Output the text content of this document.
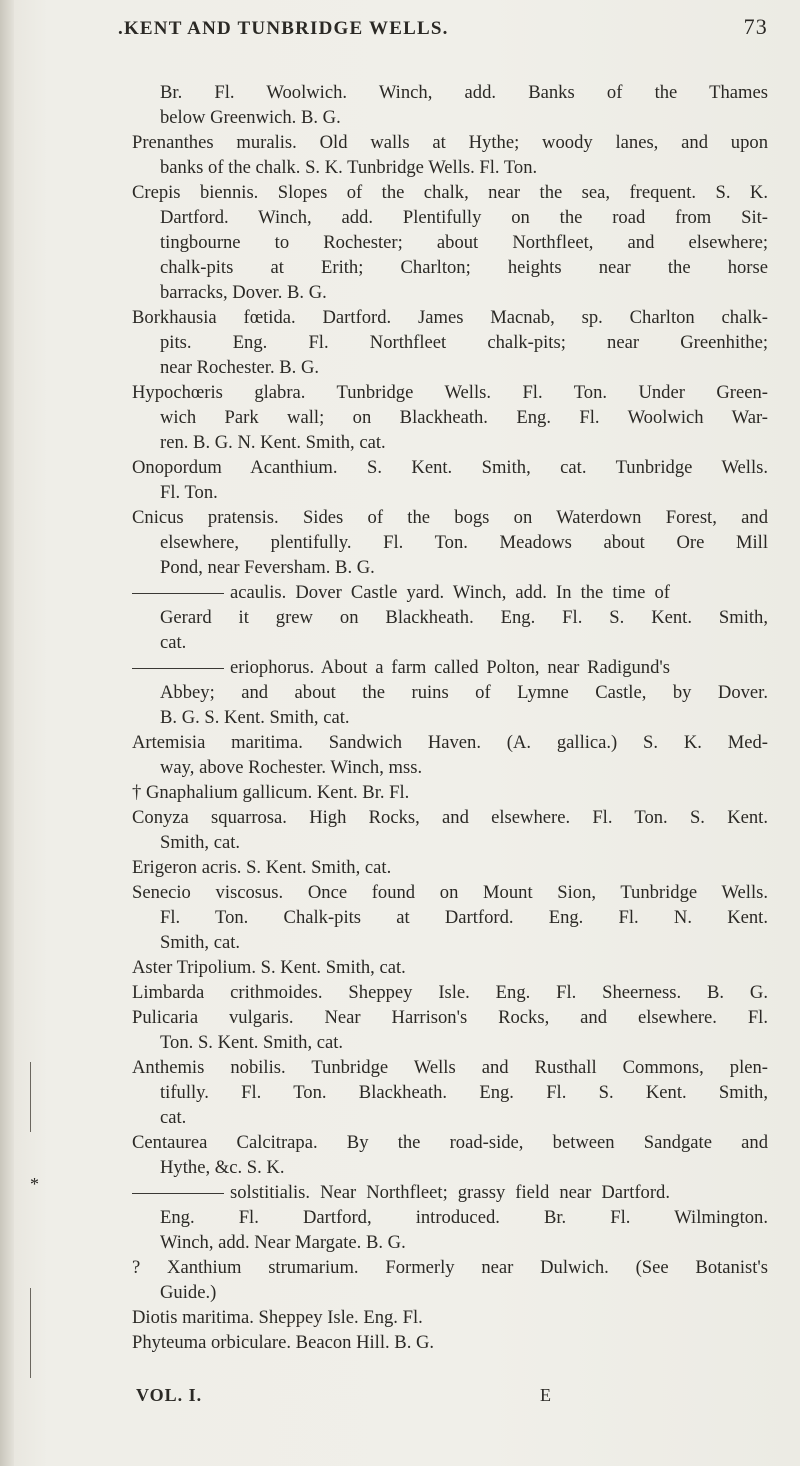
.KENT AND TUNBRIDGE WELLS.	73
Br. Fl. Woolwich. Winch, add. Banks of the Thames
below Greenwich. B. G.
Prenanthes muralis. Old walls at Hythe; woody lanes, and upon
banks of the chalk. S. K. Tunbridge Wells. Fl. Ton.
Crepis biennis. Slopes of the chalk, near the sea, frequent. S. K.
Dartford. Winch, add. Plentifully on the road from Sit-
tingbourne to Rochester; about Northfleet, and elsewhere;
chalk-pits at Erith; Charlton; heights near the horse
barracks, Dover. B. G.
Borkhausia fœtida. Dartford. James Macnab, sp. Charlton chalk-
pits. Eng. Fl. Northfleet chalk-pits; near Greenhithe;
near Rochester. B. G.
Hypochœris glabra. Tunbridge Wells. Fl. Ton. Under Green-
wich Park wall; on Blackheath. Eng. Fl. Woolwich War-
ren. B. G. N. Kent. Smith, cat.
Onopordum Acanthium. S. Kent. Smith, cat. Tunbridge Wells.
Fl. Ton.
Cnicus pratensis. Sides of the bogs on Waterdown Forest, and
elsewhere, plentifully. Fl. Ton. Meadows about Ore Mill
Pond, near Feversham. B. G.
acaulis. Dover Castle yard. Winch, add. In the time of
Gerard it grew on Blackheath. Eng. Fl. S. Kent. Smith,
cat.
eriophorus. About a farm called Polton, near Radigund's
Abbey; and about the ruins of Lymne Castle, by Dover.
B. G. S. Kent. Smith, cat.
Artemisia maritima. Sandwich Haven. (A. gallica.) S. K. Med-
way, above Rochester. Winch, mss.
† Gnaphalium gallicum. Kent. Br. Fl.
Conyza squarrosa. High Rocks, and elsewhere. Fl. Ton. S. Kent.
Smith, cat.
Erigeron acris. S. Kent. Smith, cat.
Senecio viscosus. Once found on Mount Sion, Tunbridge Wells.
Fl. Ton. Chalk-pits at Dartford. Eng. Fl. N. Kent.
Smith, cat.
Aster Tripolium. S. Kent. Smith, cat.
Limbarda crithmoides. Sheppey Isle. Eng. Fl. Sheerness. B. G.
Pulicaria vulgaris. Near Harrison's Rocks, and elsewhere. Fl.
Ton. S. Kent. Smith, cat.
Anthemis nobilis. Tunbridge Wells and Rusthall Commons, plen-
tifully. Fl. Ton. Blackheath. Eng. Fl. S. Kent. Smith,
cat.
Centaurea Calcitrapa. By the road-side, between Sandgate and
Hythe, &c. S. K.
solstitialis. Near Northfleet; grassy field near Dartford.
Eng. Fl. Dartford, introduced. Br. Fl. Wilmington.
Winch, add. Near Margate. B. G.
? Xanthium strumarium. Formerly near Dulwich. (See Botanist's
Guide.)
Diotis maritima. Sheppey Isle. Eng. Fl.
Phyteuma orbiculare. Beacon Hill. B. G.
*
VOL. I.	E
